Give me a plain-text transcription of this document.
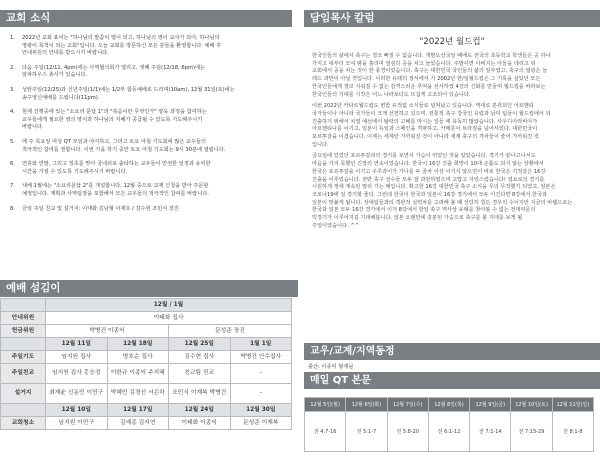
교회 소식
1.	2022년 교회 표어는 "하나님의 말씀이 벌이 되고, 하나님의 영이 교사가 되어, 하나님의
영광이 목적이 되는 교회"입니다. 오늘 교회를 방문하신 모든 분들을 환영합니다. 예배 후
안내위원의 안내를 받으시기 바랍니다.
2.	다음 주일(12/11, 4pm)에는 사역협의회가 열리고, 셋째 주일(12/18, 6pm)에는
알파하우스 총사가 있습니다.
3.	성탄주일(12/25)과 신년주일(1/1)에는 1/2부 합동예배로 드리며(10am), 12월 31일(토)에는
송구영신예배를 드립니다(11pm).
4.	현재 진행중에 있는 "소요리 문답 1"과 "복음이란 무엇인가" 양육 과정을 참여하는
교우들에게 필요한 영의 양식과 하나님의 지혜가 공급될 수 있도록 기도해주시기
바랍니다.
5.	매 주 목요일 여성 QT 모임과 야식하고, 그리고 토요 아침 기도회에 많은 교우들의
적극적인 참여를 권합니다. 이번 가을 학기 중안 토요 아침 기도회는 9시 30분에 열립니다.
6.	연휴와 연말, 그리고 정초를 맞아 국내외로 출타하는 교우들이 안전한 일정과 유익한
시간을 가질 수 있도록 기도해주시기 바랍니다.
7.	새해 1월에는 "소요리문답 2"를 개설합니다. 12월 중으로 교재 신청을 받아 주문할
예정입니다. 계획과 사역팀장을 포함해서 모든 교우들의 적극적인 참여를 바랍니다.
8.	금일 주일 친교 및 설거지: 이태화 김남형 이재호 / 김수현 조민식 장진
예배 섬김이
	12월 / 1월			
안내위원	이태화 집사			
헌금위원	박병건 이종익		문성준 장진	
	12월 11일	12월 18일	12월 25일	1월 1일
주일기도	임지원 집사	방호순 집사	김수현 집사	박병건 안수집사
주일친교	임지원 집사 홍승정	이한규 이종익 주지혜	친교팀 친교	-
설거지	최재윤 신동민 이민구	박혜민 김경선 서은하	조민식 이재복 박병건	-
	12월 10일	12월 17일	12월 24일	12월 30일
교회청소	임지원 이민구	김예종 김지연	이태화 이종익	문성준 이재복
담임목사 칼럼
"2022년 월드컵"
한국인들의 삶에서 축구는 결코 빠질 수 없습니다. 개발도상국일 때에도 전국의 초등학교 학생들은 공 하나
가지고 대부터 모여 땀을 흘리며 열심히 공을 차고 놀았습니다. 주말이면 아버지는 아들을 데리고 뒤
교회에서 공을 차는 것이 한 풍경이었습니다. 축구는 대한민국 국민들의 삶의 일부였고, 축구의 열광은 늘
레드 과반이 아닐 것입니다. 이러한 유래의 정서에서 가 2002년 한/일월드컵은 그 기록을 살았던 모든
한국인들에게 결코 지워질 수 없는 감격스러운 추억을 선사하였 4강의 신화를 만들며 월드컵을 바라보는
한국인들의 기대를 시작은 어느 나라보다도 뜨겁게 고조되어 있습니다.
이번 2022년 카타르월드컵도 변함 유적없 소식들로 넘쳐났고 있습니다. 역대로 분류되던 아르헨티
국가들이나 아니라 국가들이 크게 선전하고 있으며, 전통적 축구 강국인 유럽과 남미 팀들이 월드컵에서 뒤
진출하기 위해서 치열 예선에서 탈락의 고배를 마시는 일들 에 유독히 많았습니다. 사우디아라비아가
아르헨티나를 이기고, 일본이 독일과 스페인을 격파하고, 카메룬이 브라질을 넘어서었다. 대한민국이
포르투갈을 이겼습니다. 이제는 세계란 가까워진 것이 아니라 세계 축구의 격차들이 줄어 가까워진 것
입니다.
금요일에 있었던 포르투갈과의 경기를 보면서 가슴이 뛰었던 것을 알았습니다. 경기가 끝나고나서도
마음을 가지 못했던 긴장의 연속이었습니다. 한국이 16강 진출 희망이 10대 손톱도 되지 않는 상황에서
한국은 포르투갈을 이기고 우루과이가 가나를 두 골차 이상 이기지 않으면서 바로 한국은 기적같은 16강
진출을 이루었습니다. 전반 축구 선수들 모두 잘 과감하였으며 고맙고 자랑스럽습니다! 열요로의 경기를
시원하게 정에 계속된 멀리 가는 때입니다. 확고한 16강 대한민국 축구 소식을 무의 무적했기 되었고, 일본은
코로나19에 걸 경기할 줄다. 그런데 한국이 한국과 일본이 16강 경기에서 모두 이긴다면 8강에서 한국과
일본이 맞붙게 됩니다. 상대팀들과의 객관적 실력차를 고려해 볼 때 상당히 힘든 경우의 수이지만 지금의 바램으로는
한국과 일본 모두 16강 경기에서 이겨 8강에서 한일 축구 역사상 유례를 찾아볼 수 없는 전대미문의
빅경기가 이루어지길 기대해봅니다. 일본 오랜만에 흥분된 가슴으로 축구를 볼 기대를 보게 될
주일이었습니다. ^^
교우/교계/지역동정
출산: 이종익 형제님
매일 QT 본문
12월 5일(월)	12월 6일(화)	12월 7일(수)	12월 8일(목)	12월 9일(금)	12월 10일(토)	12월 11일(일)
전 4:7-16	전 5:1-7	전 5:8-20	전 6:1-12	전 7:1-14	전 7:15-29	전 8:1-8
